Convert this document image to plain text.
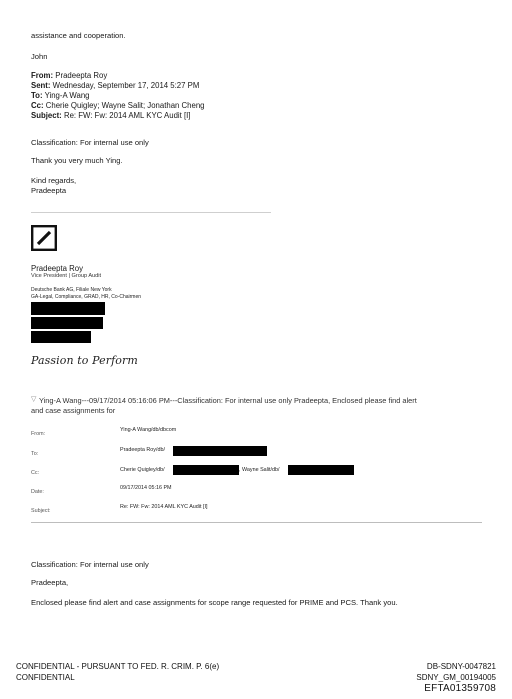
assistance and cooperation.
John
From: Pradeepta Roy
Sent: Wednesday, September 17, 2014 5:27 PM
To: Ying-A Wang
Cc: Cherie Quigley; Wayne Salit; Jonathan Cheng
Subject: Re: FW: Fw: 2014 AML KYC Audit [I]
Classification: For internal use only
Thank you very much Ying.
Kind regards,
Pradeepta
Pradeepta Roy
Vice President | Group Audit
Deutsche Bank AG, Filiale New York
GA-Legal, Compliance, GRAD, HR, Co-Chairmen
Passion to Perform
▽ Ying-A Wang---09/17/2014 05:16:06 PM---Classification: For internal use only Pradeepta, Enclosed please find alert
and case assignments for
From:
Ying-A Wang/db/dbcom
To:
Pradeepta Roy/db/
Cc:	Cherie Quigley/db/	, Wayne Salit/db/
Date:
09/17/2014 05:16 PM
Subject:
Re: FW: Fw: 2014 AML KYC Audit [I]
Classification: For internal use only
Pradeepta,
Enclosed please find alert and case assignments for scope range requested for PRIME and PCS. Thank you.
CONFIDENTIAL - PURSUANT TO FED. R. CRIM. P. 6(e)
CONFIDENTIAL
DB-SDNY-0047821
SDNY_GM_00194005
EFTA01359708
